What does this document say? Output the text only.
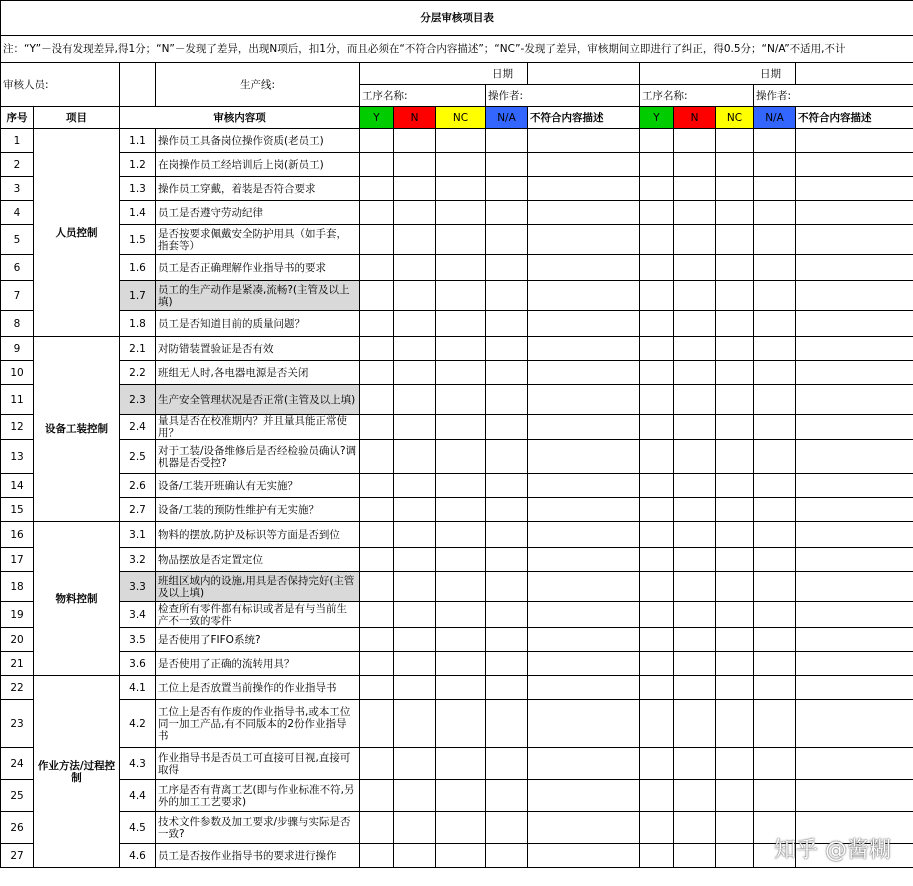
分层审核项目表													
注：“Y”－没有发现差异,得1分；“N”－发现了差异，出现N项后，扣1分，而且必须在“不符合内容描述”；“NC”-发现了差异，审核期间立即进行了纠正，得0.5分；“N/A”不适用,不计													
审核人员:			生产线:	日期					日期				
				工序名称:			操作者:		工序名称:			操作者:	
序号	项目	审核内容项		Y	N	NC	N/A	不符合内容描述	Y	N	NC	N/A	不符合内容描述
1	人员控制	1.1	操作员工具备岗位操作资质(老员工)										
2		1.2	在岗操作员工经培训后上岗(新员工)										
3		1.3	操作员工穿戴，着装是否符合要求										
4		1.4	员工是否遵守劳动纪律										
5		1.5	是否按要求佩戴安全防护用具（如手套，指套等）										
6		1.6	员工是否正确理解作业指导书的要求										
7		1.7	员工的生产动作是紧凑,流畅?(主管及以上填)										
8		1.8	员工是否知道目前的质量问题？										
9	设备工装控制	2.1	对防错装置验证是否有效										
10		2.2	班组无人时,各电器电源是否关闭										
11		2.3	生产安全管理状况是否正常(主管及以上填)										
12		2.4	量具是否在校准期内？并且量具能正常使用？										
13		2.5	对于工装/设备维修后是否经检验员确认?调机器是否受控?										
14		2.6	设备/工装开班确认有无实施？										
15		2.7	设备/工装的预防性维护有无实施？										
16	物料控制	3.1	物料的摆放,防护及标识等方面是否到位										
17		3.2	物品摆放是否定置定位										
18		3.3	班组区域内的设施,用具是否保持完好(主管及以上填)										
19		3.4	检查所有零件都有标识或者是有与当前生产不一致的零件										
20		3.5	是否使用了FIFO系统?										
21		3.6	是否使用了正确的流转用具？										
22	作业方法/过程控制	4.1	工位上是否放置当前操作的作业指导书										
23		4.2	工位上是否有作废的作业指导书,或本工位同一加工产品,有不同版本的2份作业指导书										
24		4.3	作业指导书是否员工可直接可目视,直接可取得										
25		4.4	工序是否有背离工艺(即与作业标准不符,另外的加工工艺要求)										
26		4.5	技术文件参数及加工要求/步骤与实际是否一致?										
27		4.6	员工是否按作业指导书的要求进行操作											知乎 @酱糊
